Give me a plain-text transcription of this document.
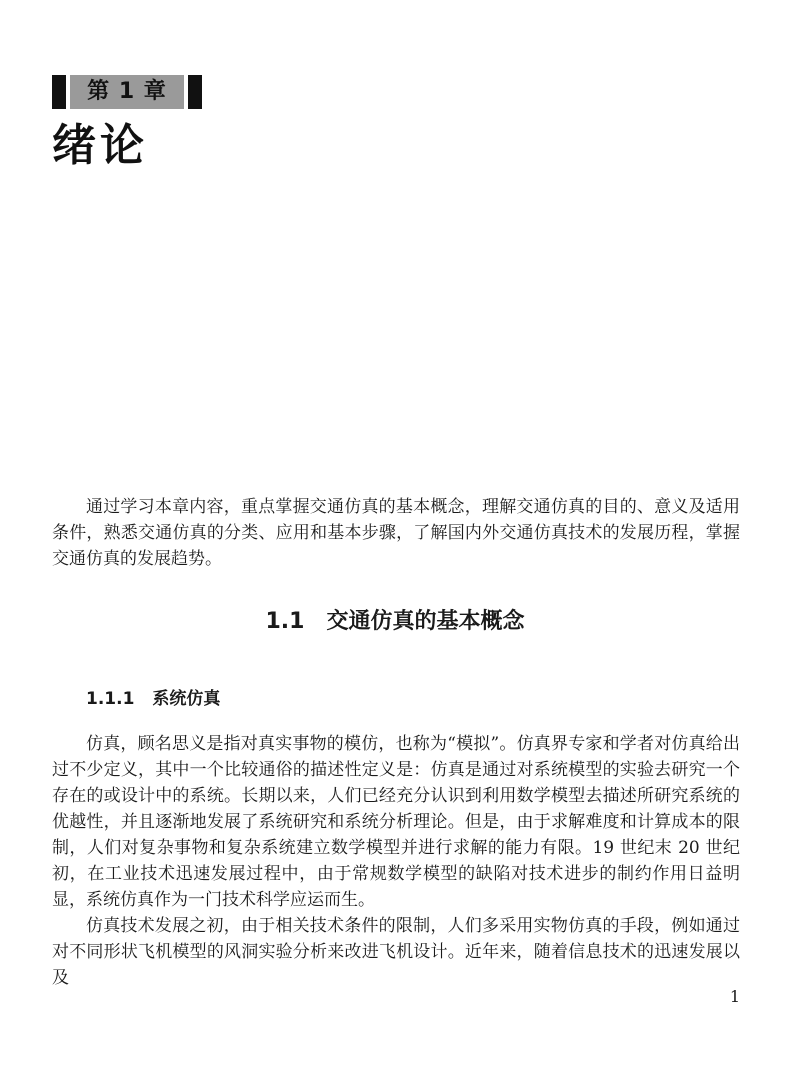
第 1 章
绪论

通过学习本章内容，重点掌握交通仿真的基本概念，理解交通仿真的目的、意义及适用条件，熟悉交通仿真的分类、应用和基本步骤，了解国内外交通仿真技术的发展历程，掌握交通仿真的发展趋势。

1.1 交通仿真的基本概念
1.1.1 系统仿真

仿真，顾名思义是指对真实事物的模仿，也称为“模拟”。仿真界专家和学者对仿真给出过不少定义，其中一个比较通俗的描述性定义是：仿真是通过对系统模型的实验去研究一个存在的或设计中的系统。长期以来，人们已经充分认识到利用数学模型去描述所研究系统的优越性，并且逐渐地发展了系统研究和系统分析理论。但是，由于求解难度和计算成本的限制，人们对复杂事物和复杂系统建立数学模型并进行求解的能力有限。19 世纪末 20 世纪初，在工业技术迅速发展过程中，由于常规数学模型的缺陷对技术进步的制约作用日益明显，系统仿真作为一门技术科学应运而生。

仿真技术发展之初，由于相关技术条件的限制，人们多采用实物仿真的手段，例如通过对不同形状飞机模型的风洞实验分析来改进飞机设计。近年来，随着信息技术的迅速发展以及

1
